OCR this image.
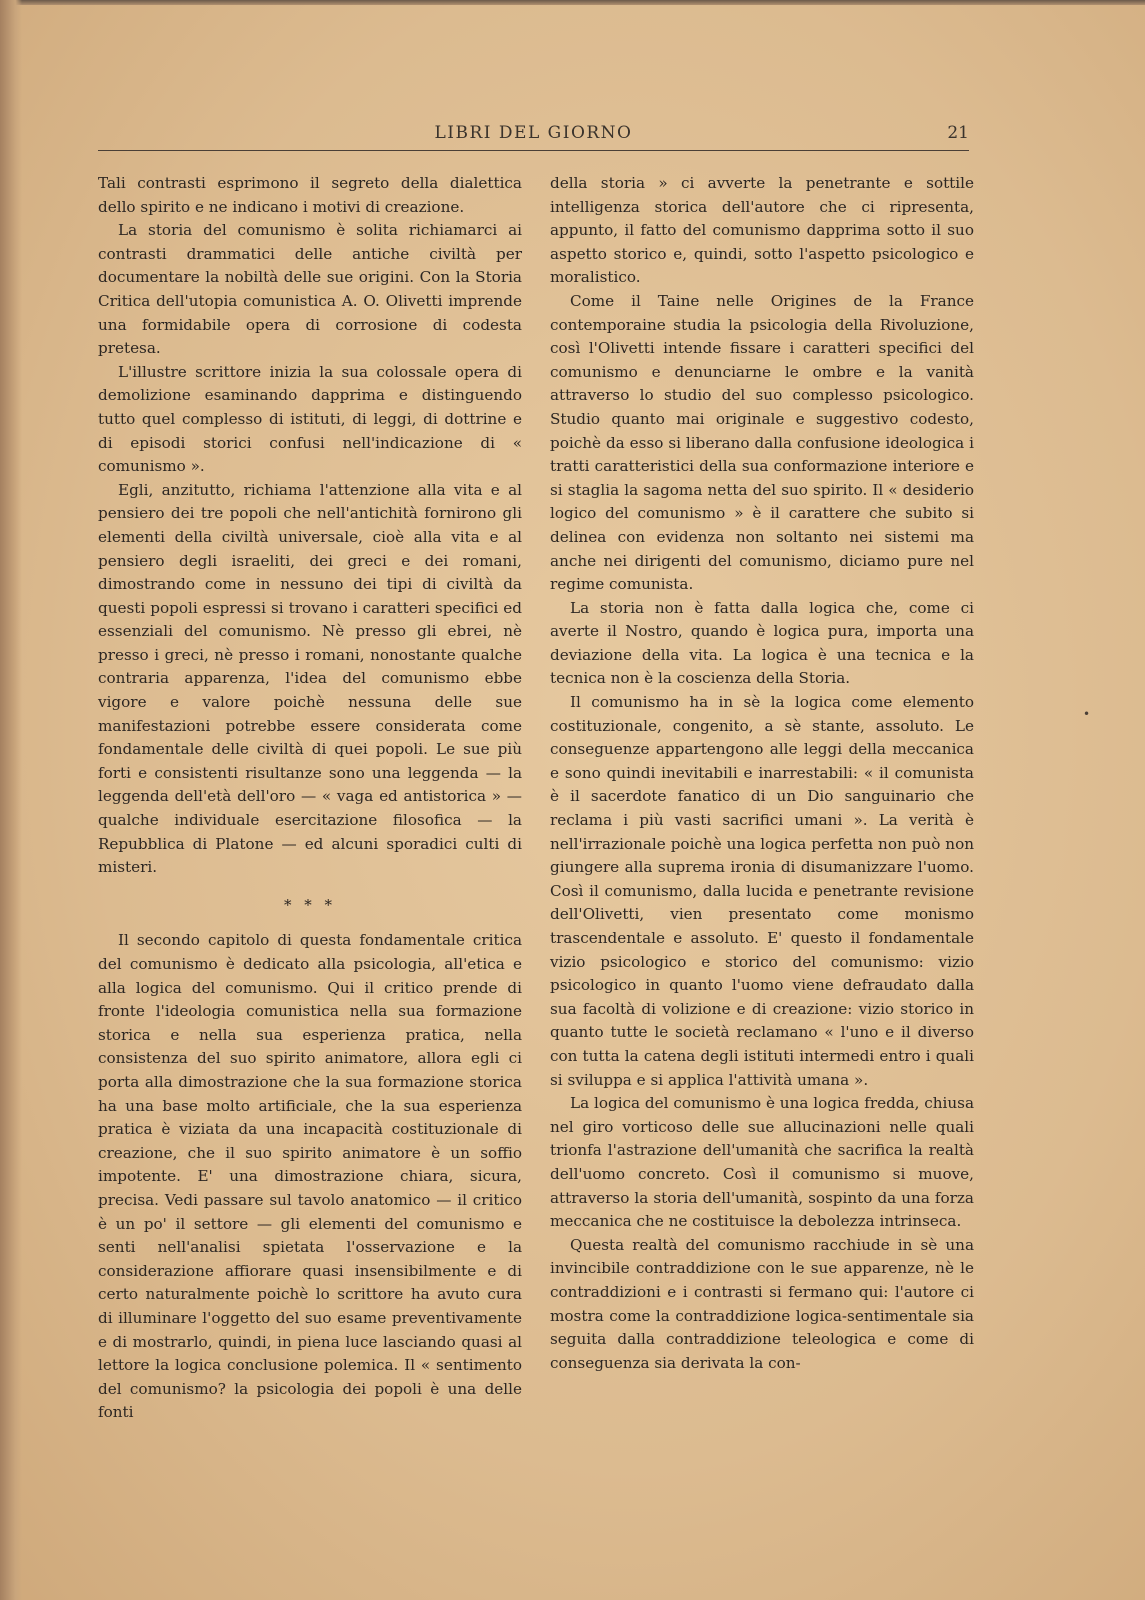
LIBRI DEL GIORNO	21

Tali contrasti esprimono il segreto della dialettica dello spirito e ne indicano i motivi di creazione.

La storia del comunismo è solita richiamarci ai contrasti drammatici delle antiche civiltà per documentare la nobiltà delle sue origini. Con la Storia Critica dell'utopia comunistica A. O. Olivetti imprende una formidabile opera di corrosione di codesta pretesa.

L'illustre scrittore inizia la sua colossale opera di demolizione esaminando dapprima e distinguendo tutto quel complesso di istituti, di leggi, di dottrine e di episodi storici confusi nell'indicazione di « comunismo ».

Egli, anzitutto, richiama l'attenzione alla vita e al pensiero dei tre popoli che nell'antichità fornirono gli elementi della civiltà universale, cioè alla vita e al pensiero degli israeliti, dei greci e dei romani, dimostrando come in nessuno dei tipi di civiltà da questi popoli espressi si trovano i caratteri specifici ed essenziali del comunismo. Nè presso gli ebrei, nè presso i greci, nè presso i romani, nonostante qualche contraria apparenza, l'idea del comunismo ebbe vigore e valore poichè nessuna delle sue manifestazioni potrebbe essere considerata come fondamentale delle civiltà di quei popoli. Le sue più forti e consistenti risultanze sono una leggenda — la leggenda dell'età dell'oro — « vaga ed antistorica » — qualche individuale esercitazione filosofica — la Repubblica di Platone — ed alcuni sporadici culti di misteri.

* * *

Il secondo capitolo di questa fondamentale critica del comunismo è dedicato alla psicologia, all'etica e alla logica del comunismo. Qui il critico prende di fronte l'ideologia comunistica nella sua formazione storica e nella sua esperienza pratica, nella consistenza del suo spirito animatore, allora egli ci porta alla dimostrazione che la sua formazione storica ha una base molto artificiale, che la sua esperienza pratica è viziata da una incapacità costituzionale di creazione, che il suo spirito animatore è un soffio impotente. E' una dimostrazione chiara, sicura, precisa. Vedi passare sul tavolo anatomico — il critico è un po' il settore — gli elementi del comunismo e senti nell'analisi spietata l'osservazione e la considerazione affiorare quasi insensibilmente e di certo naturalmente poichè lo scrittore ha avuto cura di illuminare l'oggetto del suo esame preventivamente e di mostrarlo, quindi, in piena luce lasciando quasi al lettore la logica conclusione polemica. Il « sentimento del comunismo? la psicologia dei popoli è una delle fonti

della storia » ci avverte la penetrante e sottile intelligenza storica dell'autore che ci ripresenta, appunto, il fatto del comunismo dapprima sotto il suo aspetto storico e, quindi, sotto l'aspetto psicologico e moralistico.

Come il Taine nelle Origines de la France contemporaine studia la psicologia della Rivoluzione, così l'Olivetti intende fissare i caratteri specifici del comunismo e denunciarne le ombre e la vanità attraverso lo studio del suo complesso psicologico. Studio quanto mai originale e suggestivo codesto, poichè da esso si liberano dalla confusione ideologica i tratti caratteristici della sua conformazione interiore e si staglia la sagoma netta del suo spirito. Il « desiderio logico del comunismo » è il carattere che subito si delinea con evidenza non soltanto nei sistemi ma anche nei dirigenti del comunismo, diciamo pure nel regime comunista.

La storia non è fatta dalla logica che, come ci averte il Nostro, quando è logica pura, importa una deviazione della vita. La logica è una tecnica e la tecnica non è la coscienza della Storia.

Il comunismo ha in sè la logica come elemento costituzionale, congenito, a sè stante, assoluto. Le conseguenze appartengono alle leggi della meccanica e sono quindi inevitabili e inarrestabili: « il comunista è il sacerdote fanatico di un Dio sanguinario che reclama i più vasti sacrifici umani ». La verità è nell'irrazionale poichè una logica perfetta non può non giungere alla suprema ironia di disumanizzare l'uomo. Così il comunismo, dalla lucida e penetrante revisione dell'Olivetti, vien presentato come monismo trascendentale e assoluto. E' questo il fondamentale vizio psicologico e storico del comunismo: vizio psicologico in quanto l'uomo viene defraudato dalla sua facoltà di volizione e di creazione: vizio storico in quanto tutte le società reclamano « l'uno e il diverso con tutta la catena degli istituti intermedi entro i quali si sviluppa e si applica l'attività umana ».

La logica del comunismo è una logica fredda, chiusa nel giro vorticoso delle sue allucinazioni nelle quali trionfa l'astrazione dell'umanità che sacrifica la realtà dell'uomo concreto. Così il comunismo si muove, attraverso la storia dell'umanità, sospinto da una forza meccanica che ne costituisce la debolezza intrinseca.

Questa realtà del comunismo racchiude in sè una invincibile contraddizione con le sue apparenze, nè le contraddizioni e i contrasti si fermano qui: l'autore ci mostra come la contraddizione logica-sentimentale sia seguita dalla contraddizione teleologica e come di conseguenza sia derivata la con-

•
